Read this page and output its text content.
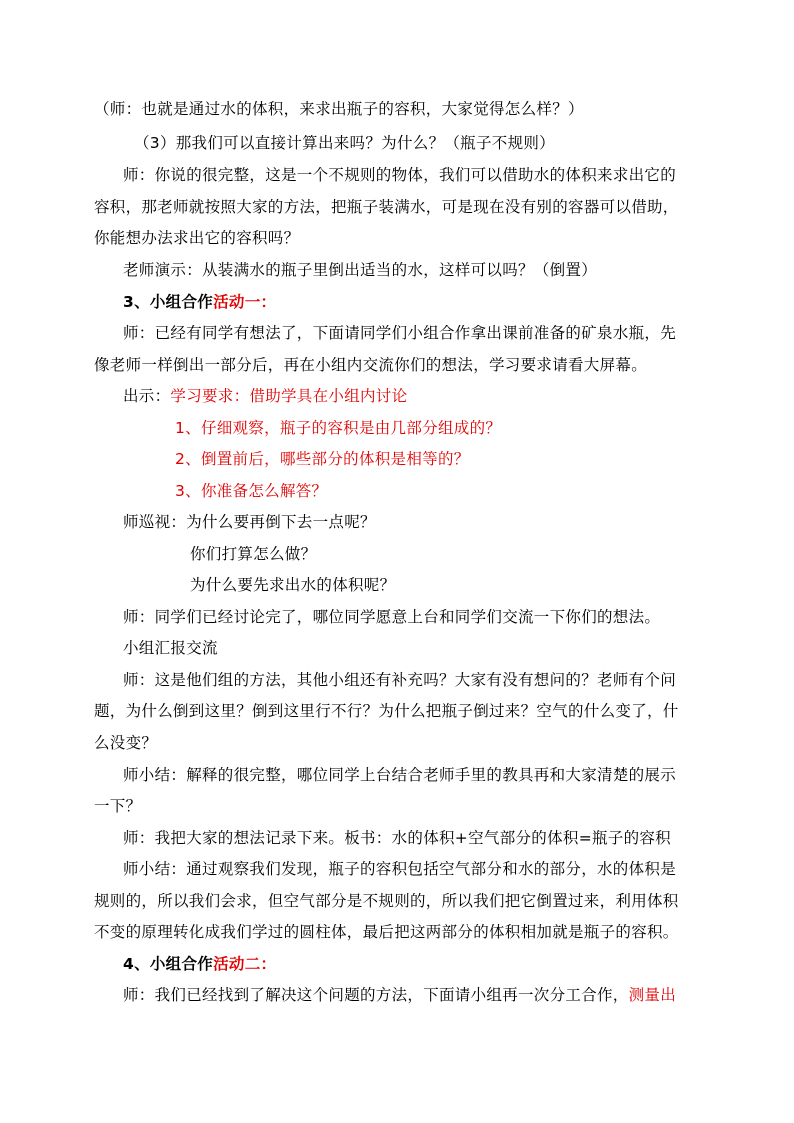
（师：也就是通过水的体积，来求出瓶子的容积，大家觉得怎么样？）
（3）那我们可以直接计算出来吗？为什么？（瓶子不规则）
师：你说的很完整，这是一个不规则的物体，我们可以借助水的体积来求出它的
容积，那老师就按照大家的方法，把瓶子装满水，可是现在没有别的容器可以借助，
你能想办法求出它的容积吗？
老师演示：从装满水的瓶子里倒出适当的水，这样可以吗？（倒置）
3、小组合作活动一：
师：已经有同学有想法了，下面请同学们小组合作拿出课前准备的矿泉水瓶，先
像老师一样倒出一部分后，再在小组内交流你们的想法，学习要求请看大屏幕。
出示：学习要求：借助学具在小组内讨论
1、仔细观察，瓶子的容积是由几部分组成的？
2、倒置前后，哪些部分的体积是相等的？
3、你准备怎么解答？
师巡视：为什么要再倒下去一点呢？
你们打算怎么做？
为什么要先求出水的体积呢？
师：同学们已经讨论完了，哪位同学愿意上台和同学们交流一下你们的想法。
小组汇报交流
师：这是他们组的方法，其他小组还有补充吗？大家有没有想问的？老师有个问
题，为什么倒到这里？倒到这里行不行？为什么把瓶子倒过来？空气的什么变了，什
么没变？
师小结：解释的很完整，哪位同学上台结合老师手里的教具再和大家清楚的展示
一下？
师：我把大家的想法记录下来。板书：水的体积+空气部分的体积=瓶子的容积
师小结：通过观察我们发现，瓶子的容积包括空气部分和水的部分，水的体积是
规则的，所以我们会求，但空气部分是不规则的，所以我们把它倒置过来，利用体积
不变的原理转化成我们学过的圆柱体，最后把这两部分的体积相加就是瓶子的容积。
4、小组合作活动二：
师：我们已经找到了解决这个问题的方法，下面请小组再一次分工合作，测量出
